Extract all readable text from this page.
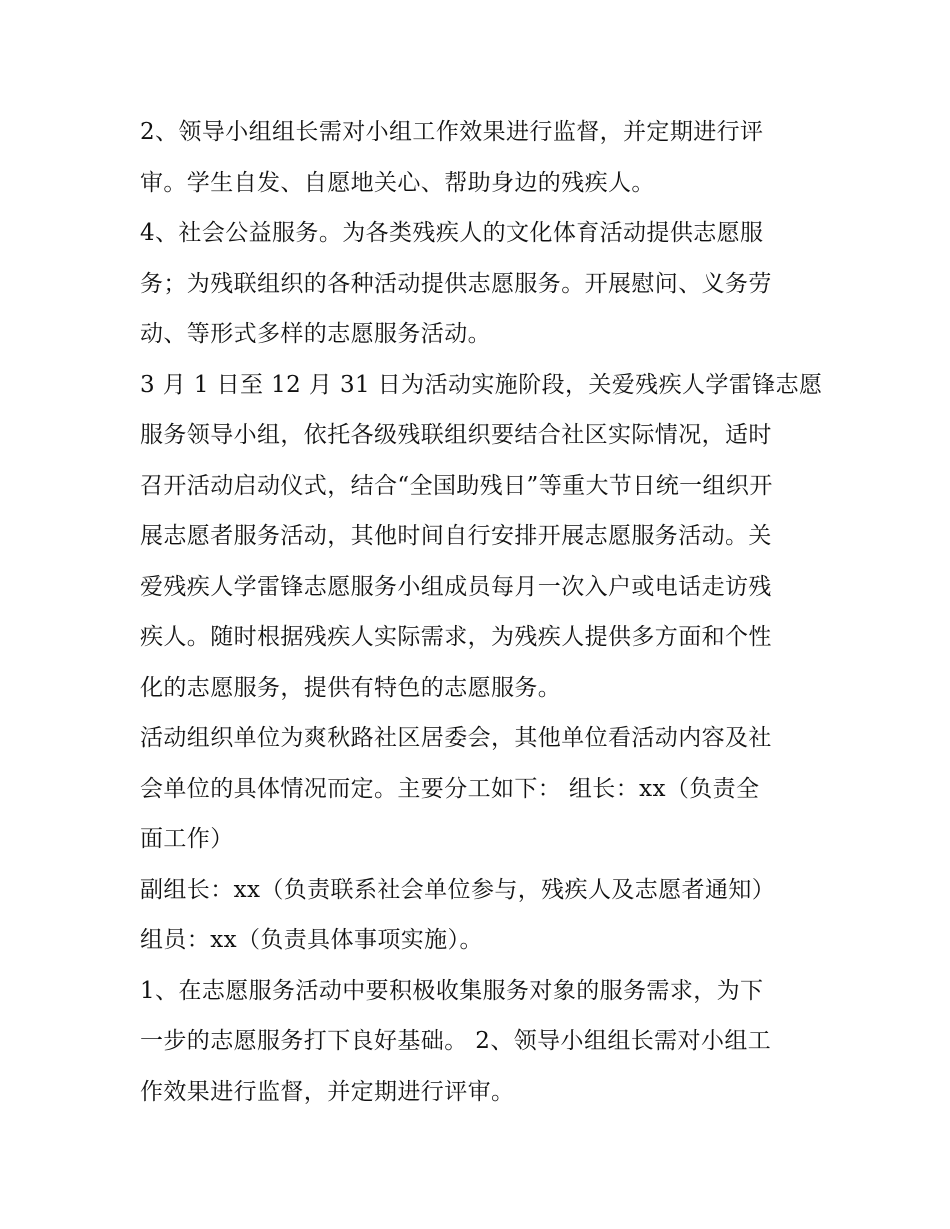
2、领导小组组长需对小组工作效果进行监督，并定期进行评
审。学生自发、自愿地关心、帮助身边的残疾人。
4、社会公益服务。为各类残疾人的文化体育活动提供志愿服
务；为残联组织的各种活动提供志愿服务。开展慰问、义务劳
动、等形式多样的志愿服务活动。
3 月 1 日至 12 月 31 日为活动实施阶段，关爱残疾人学雷锋志愿
服务领导小组，依托各级残联组织要结合社区实际情况，适时
召开活动启动仪式，结合“全国助残日”等重大节日统一组织开
展志愿者服务活动，其他时间自行安排开展志愿服务活动。关
爱残疾人学雷锋志愿服务小组成员每月一次入户或电话走访残
疾人。随时根据残疾人实际需求，为残疾人提供多方面和个性
化的志愿服务，提供有特色的志愿服务。
活动组织单位为爽秋路社区居委会，其他单位看活动内容及社
会单位的具体情况而定。主要分工如下： 组长：xx（负责全
面工作）
副组长：xx（负责联系社会单位参与，残疾人及志愿者通知）
组员：xx（负责具体事项实施）。
1、在志愿服务活动中要积极收集服务对象的服务需求，为下
一步的志愿服务打下良好基础。 2、领导小组组长需对小组工
作效果进行监督，并定期进行评审。
